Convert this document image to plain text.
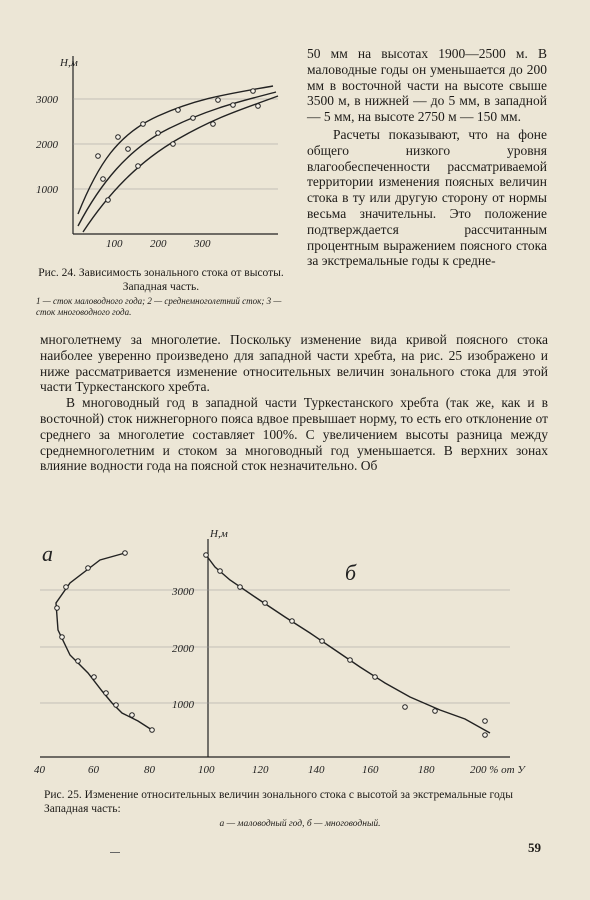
Н,м
3000
2000
1000
100	200	300
Рис. 24. Зависимость зонального стока от высоты. Западная часть.
1 — сток маловодного года; 2 — среднемноголетний сток; 3 — сток многоводного года.

50 мм на высотах 1900—2500 м. В маловодные годы он уменьшается до 200 мм в восточной части на высоте свыше 3500 м, в нижней — до 5 мм, в западной — 5 мм, на высоте 2750 м — 150 мм.

Расчеты показывают, что на фоне общего низкого уровня влагообеспеченности рассматриваемой территории изменения поясных величин стока в ту или другую сторону от нормы весьма значительны. Это положение подтверждается рассчитанным процентным выражением поясного стока за экстремальные годы к средне-

многолетнему за многолетие. Поскольку изменение вида кривой поясного стока наиболее уверенно произведено для западной части хребта, на рис. 25 изображено и ниже рассматривается изменение относительных величин зонального стока для этой части Туркестанского хребта.

В многоводный год в западной части Туркестанского хребта (так же, как и в восточной) сток нижнегорного пояса вдвое превышает норму, то есть его отклонение от среднего за многолетие составляет 100%. С увеличением высоты разница между среднемноголетним и стоком за многоводный год уменьшается. В верхних зонах влияние водности года на поясной сток незначительно. Об

Н,м
3000
2000
1000
40	60	80	100	120	140	160	180	200 % от У
а
б
Рис. 25. Изменение относительных величин зонального стока с высотой за экстремальные годы Западная часть:
а — маловодный год, б — многоводный.
59
